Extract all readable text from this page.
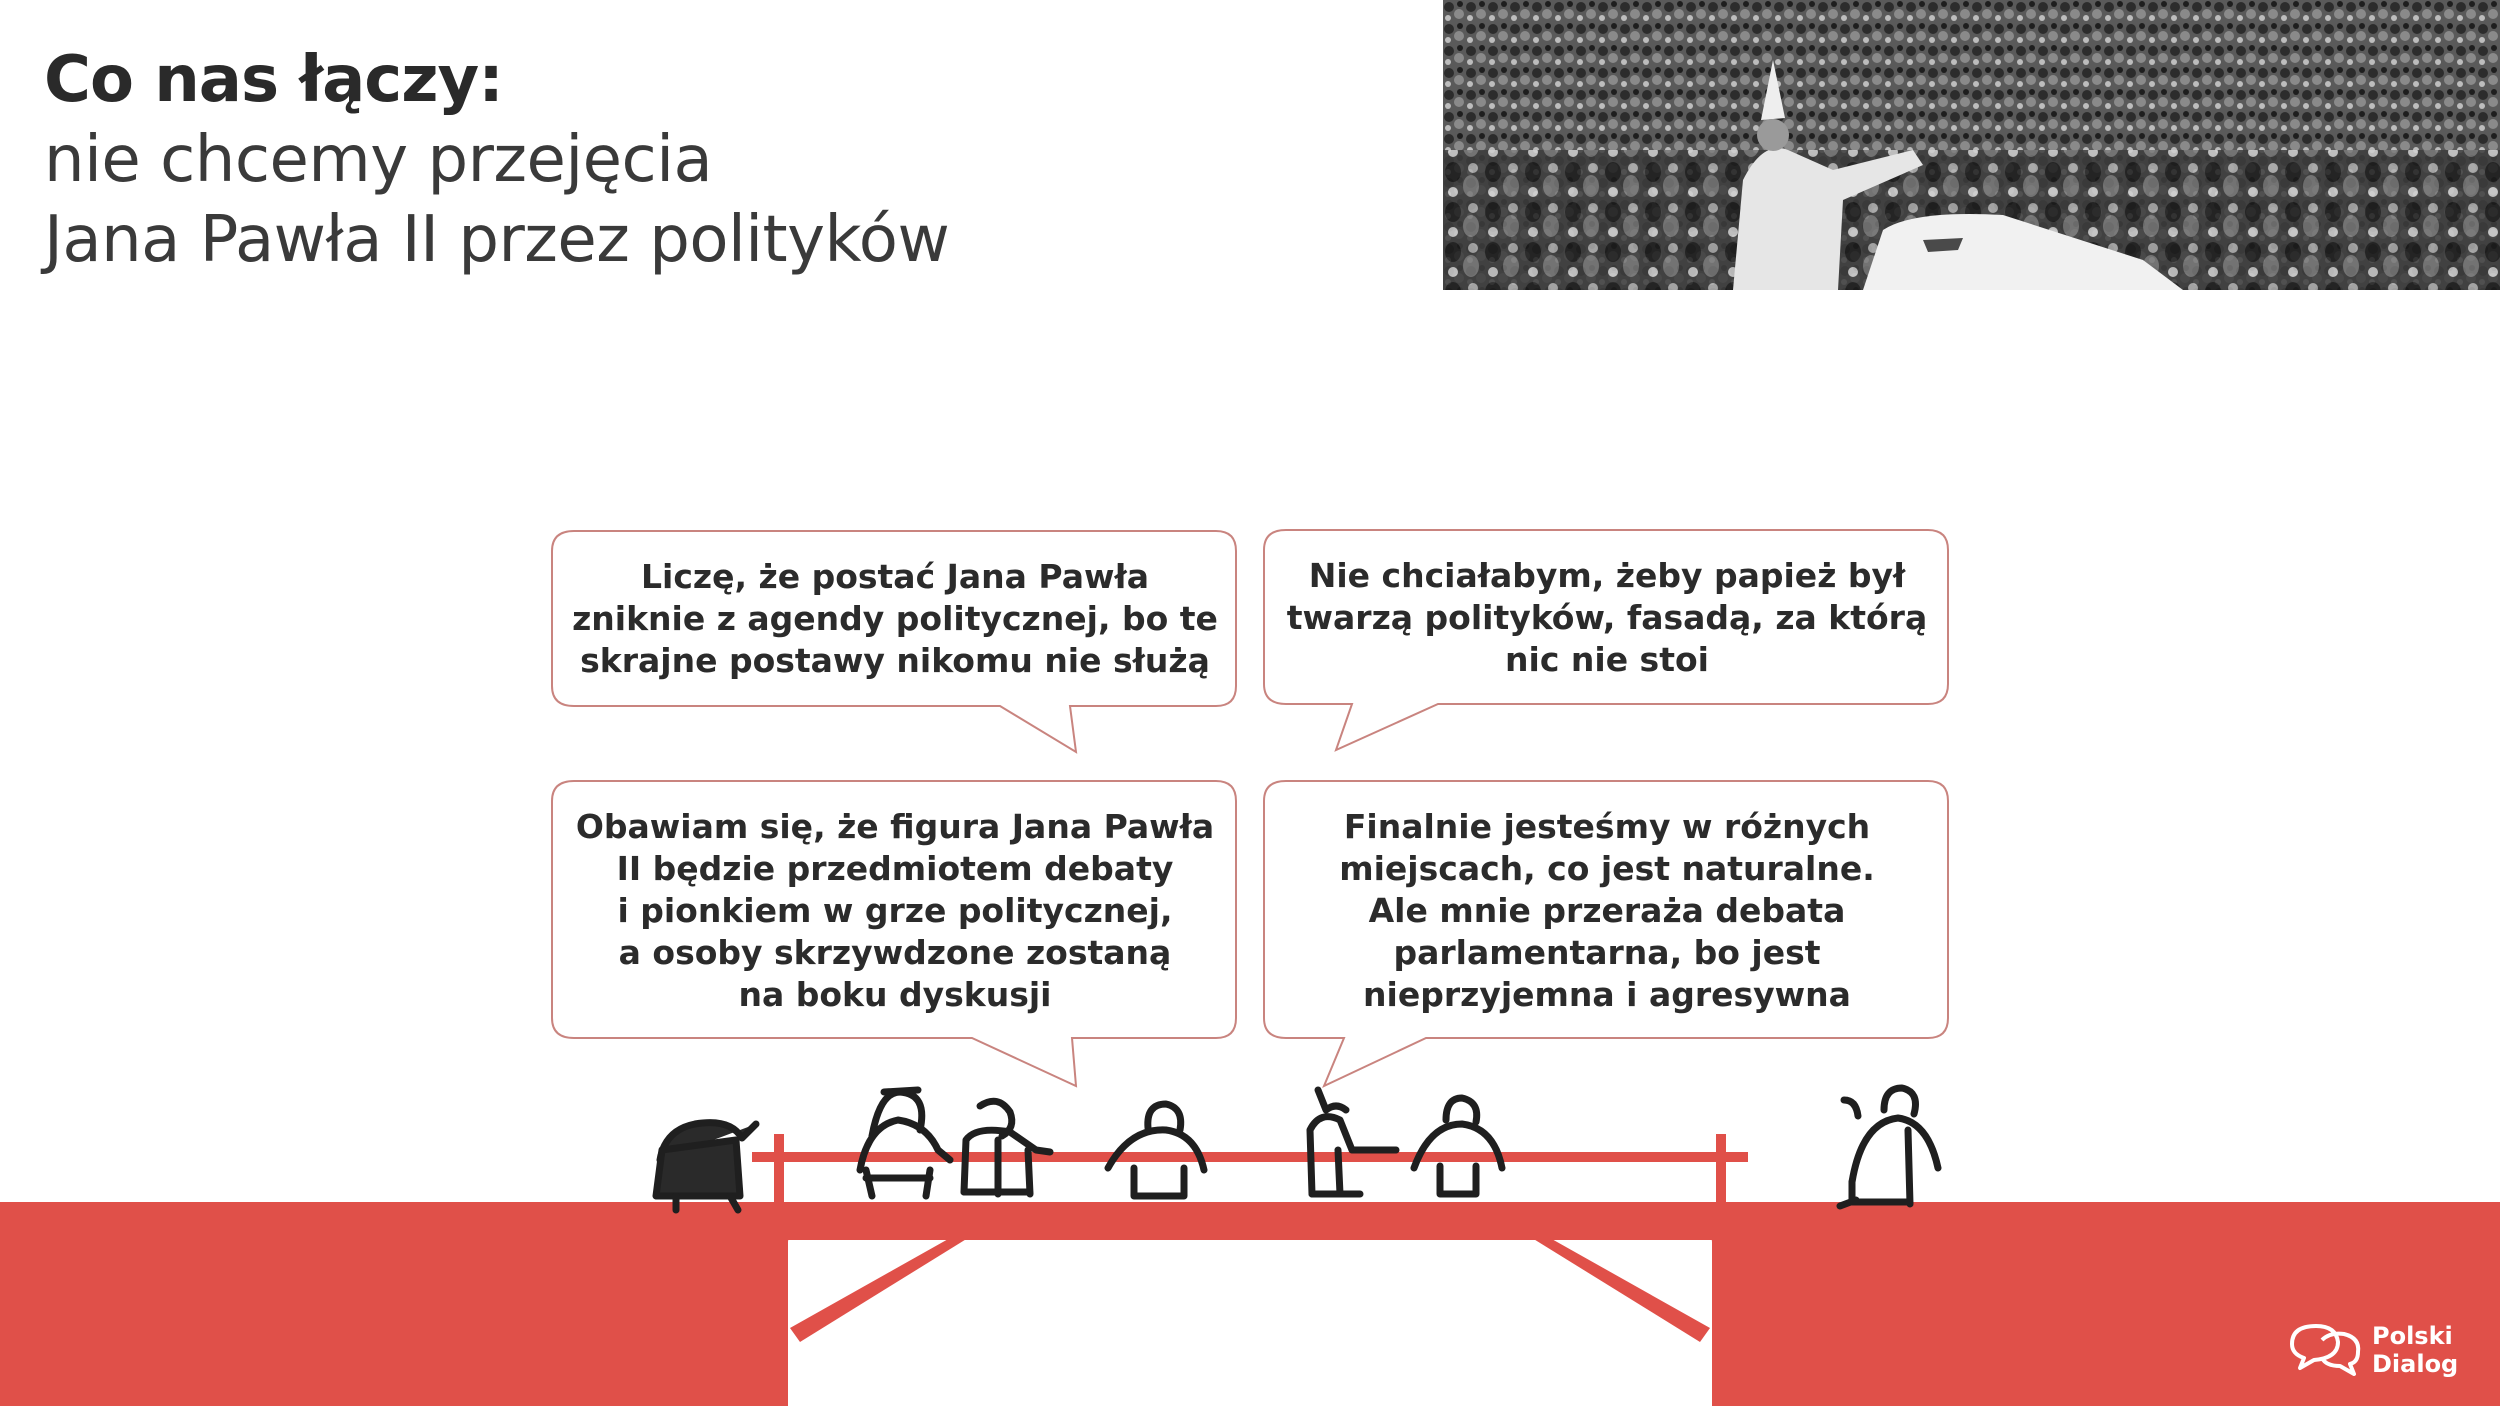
Co nas łączy:
nie chcemy przejęcia
Jana Pawła II przez polityków
Liczę, że postać Jana Pawła
zniknie z agendy politycznej, bo te
skrajne postawy nikomu nie służą
Nie chciałabym, żeby papież był
twarzą polityków, fasadą, za którą
nic nie stoi
Obawiam się, że figura Jana Pawła
II będzie przedmiotem debaty
i pionkiem w grze politycznej,
a osoby skrzywdzone zostaną
na boku dyskusji
Finalnie jesteśmy w różnych
miejscach, co jest naturalne.
Ale mnie przeraża debata
parlamentarna, bo jest
nieprzyjemna i agresywna
Polski
Dialog
